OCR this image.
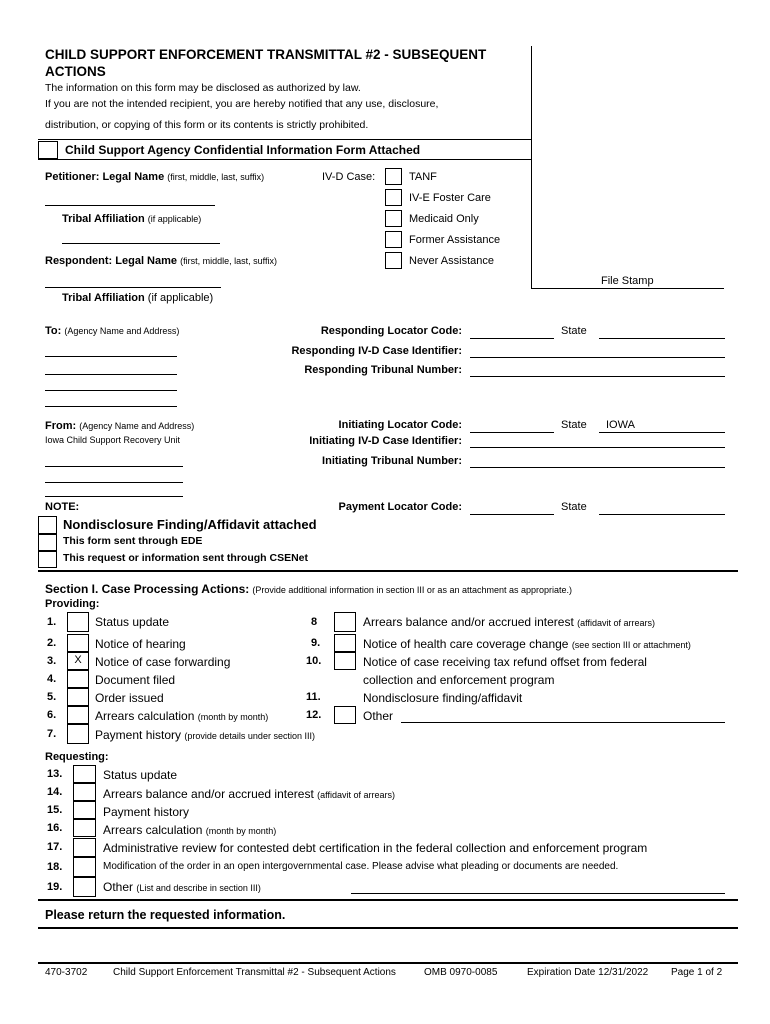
CHILD SUPPORT ENFORCEMENT TRANSMITTAL #2 - SUBSEQUENT
ACTIONS
The information on this form may be disclosed as authorized by law.
If you are not the intended recipient, you are hereby notified that any use, disclosure,
distribution, or copying of this form or its contents is strictly prohibited.
Child Support Agency Confidential Information Form Attached
Petitioner: Legal Name (first, middle, last, suffix)
Tribal Affiliation (if applicable)
Respondent: Legal Name (first, middle, last, suffix)
Tribal Affiliation (if applicable)
IV-D Case:	TANF
IV-E Foster Care
Medicaid Only
Former Assistance
Never Assistance
File Stamp
To: (Agency Name and Address)	Responding Locator Code:	State
Responding IV-D Case Identifier:
Responding Tribunal Number:
From: (Agency Name and Address)
Iowa Child Support Recovery Unit
Initiating Locator Code:	State IOWA
Initiating IV-D Case Identifier:
Initiating Tribunal Number:
NOTE:	Payment Locator Code:	State
Nondisclosure Finding/Affidavit attached
This form sent through EDE
This request or information sent through CSENet
Section I. Case Processing Actions: (Provide additional information in section III or as an attachment as appropriate.)
Providing:
1.	Status update
2.	Notice of hearing
3.	X	Notice of case forwarding
4.	Document filed
5.	Order issued
6.	Arrears calculation (month by month)
7.	Payment history (provide details under section III)
8	Arrears balance and/or accrued interest (affidavit of arrears)
9.	Notice of health care coverage change (see section III or attachment)
10.	Notice of case receiving tax refund offset from federal
collection and enforcement program
11.	Nondisclosure finding/affidavit
12.	Other
Requesting:
13.	Status update
14.	Arrears balance and/or accrued interest (affidavit of arrears)
15.	Payment history
16.	Arrears calculation (month by month)
17.	Administrative review for contested debt certification in the federal collection and enforcement program
18.	Modification of the order in an open intergovernmental case. Please advise what pleading or documents are needed.
19.	Other (List and describe in section III)
Please return the requested information.
470-3702	Child Support Enforcement Transmittal #2 - Subsequent Actions	OMB 0970-0085	Expiration Date 12/31/2022 Page 1 of 2
